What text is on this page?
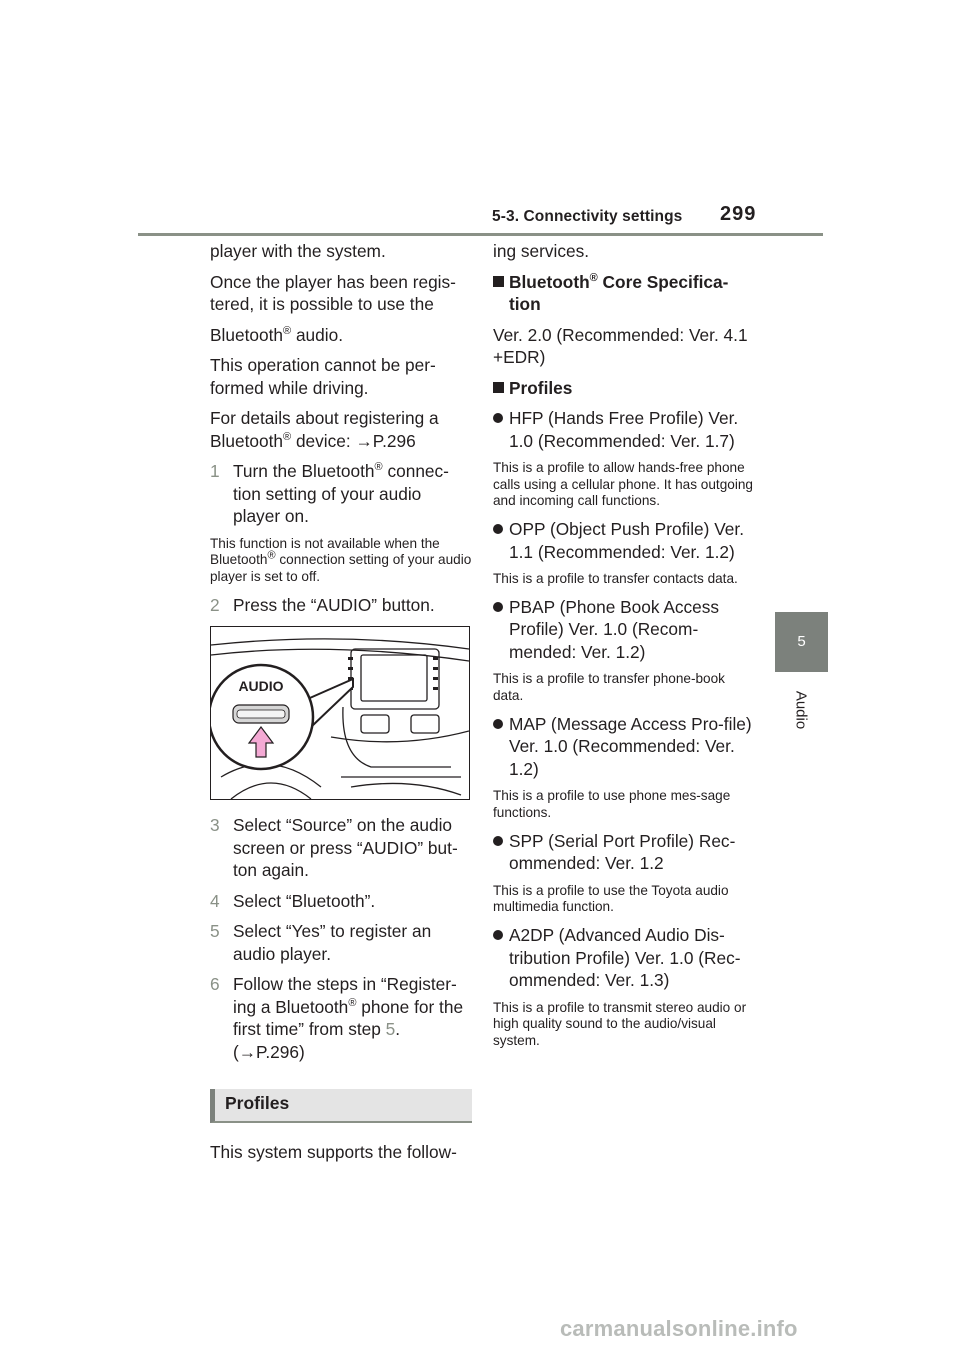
5-3. Connectivity settings 299
5
Audio

player with the system.

Once the player has been regis-tered, it is possible to use the

Bluetooth® audio.

This operation cannot be per-formed while driving.

For details about registering a
Bluetooth® device: →P.296

1 Turn the Bluetooth® connec-tion setting of your audio player on.

This function is not available when the Bluetooth® connection setting of your audio player is set to off.

2 Press the “AUDIO” button.
AUDIO
3 Select “Source” on the audio screen or press “AUDIO” but-ton again.
4 Select “Bluetooth”.
5 Select “Yes” to register an audio player.
6 Follow the steps in “Register-ing a Bluetooth® phone for the first time” from step 5. (→P.296)
Profiles

This system supports the follow-

ing services.

Bluetooth® Core Specifica-tion

Ver. 2.0 (Recommended: Ver. 4.1 +EDR)

Profiles
HFP (Hands Free Profile) Ver. 1.0 (Recommended: Ver. 1.7)

This is a profile to allow hands-free phone calls using a cellular phone. It has outgoing and incoming call functions.

OPP (Object Push Profile) Ver. 1.1 (Recommended: Ver. 1.2)

This is a profile to transfer contacts data.

PBAP (Phone Book Access Profile) Ver. 1.0 (Recom-mended: Ver. 1.2)

This is a profile to transfer phone-book data.

MAP (Message Access Pro-file) Ver. 1.0 (Recommended: Ver. 1.2)

This is a profile to use phone mes-sage functions.

SPP (Serial Port Profile) Rec-ommended: Ver. 1.2

This is a profile to use the Toyota audio multimedia function.

A2DP (Advanced Audio Dis-tribution Profile) Ver. 1.0 (Rec-ommended: Ver. 1.3)

This is a profile to transmit stereo audio or high quality sound to the audio/visual system.

carmanualsonline.info
